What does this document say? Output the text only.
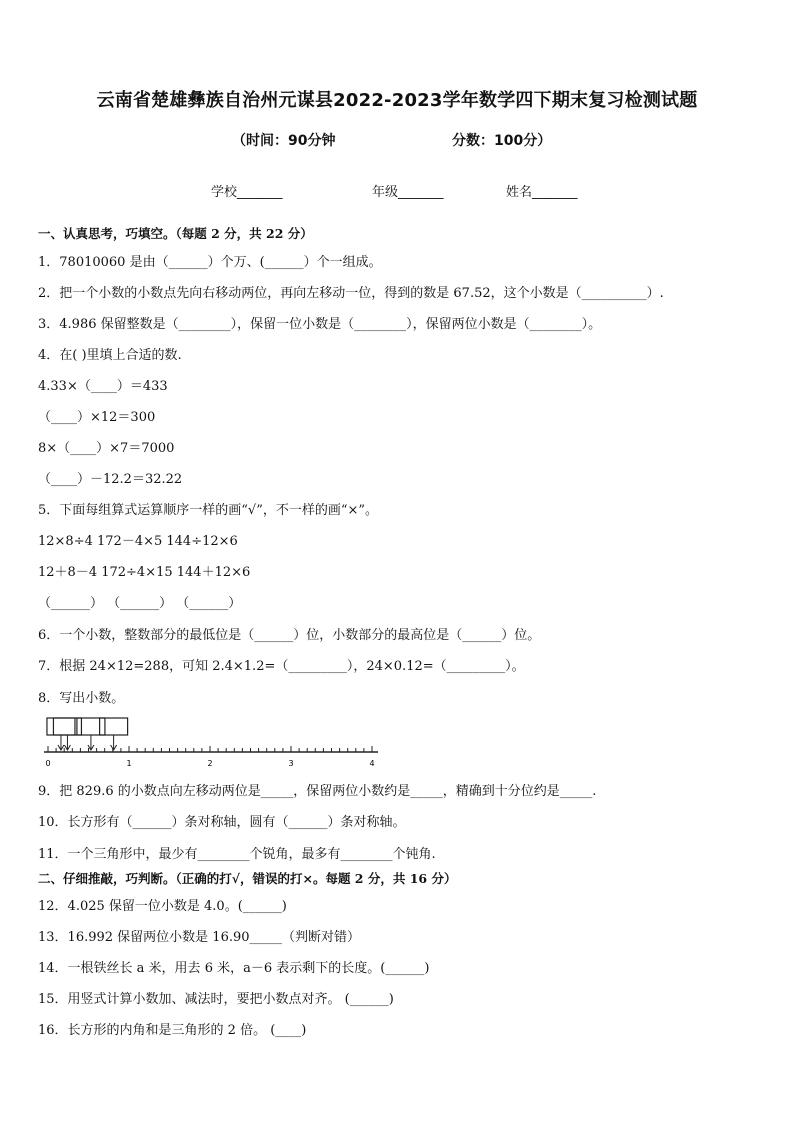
云南省楚雄彝族自治州元谋县2022-2023学年数学四下期末复习检测试题
（时间：90分钟	分数：100分）
学校_______	年级_______	姓名_______
一、认真思考，巧填空。（每题 2 分，共 22 分）
1．78010060 是由（______）个万、(______）个一组成。
2．把一个小数的小数点先向右移动两位，再向左移动一位，得到的数是 67.52，这个小数是（__________）.
3．4.986 保留整数是（________），保留一位小数是（________），保留两位小数是（________）。
4．在( )里填上合适的数.
4.33×（____）＝433
（____）×12＝300
8×（____）×7＝7000
（____）－12.2＝32.22
5．下面每组算式运算顺序一样的画“√”，不一样的画“×”。
12×8÷4 172－4×5 144÷12×6
12＋8－4 172÷4×15 144＋12×6
（______） （______） （______）
6．一个小数，整数部分的最低位是（______）位，小数部分的最高位是（______）位。
7．根据 24×12=288，可知 2.4×1.2=（_________），24×0.12=（_________）。
8．写出小数。
9．把 829.6 的小数点向左移动两位是_____，保留两位小数约是_____，精确到十分位约是_____.
10．长方形有（______）条对称轴，圆有（______）条对称轴。
11．一个三角形中，最少有________个锐角，最多有________个钝角.
二、仔细推敲，巧判断。（正确的打√，错误的打×。每题 2 分，共 16 分）
12．4.025 保留一位小数是 4.0。(______)
13．16.992 保留两位小数是 16.90_____（判断对错）
14．一根铁丝长 a 米，用去 6 米，a－6 表示剩下的长度。(______)
15．用竖式计算小数加、减法时，要把小数点对齐。 (______)
16．长方形的内角和是三角形的 2 倍。 (____)
0	1	2	3	4
